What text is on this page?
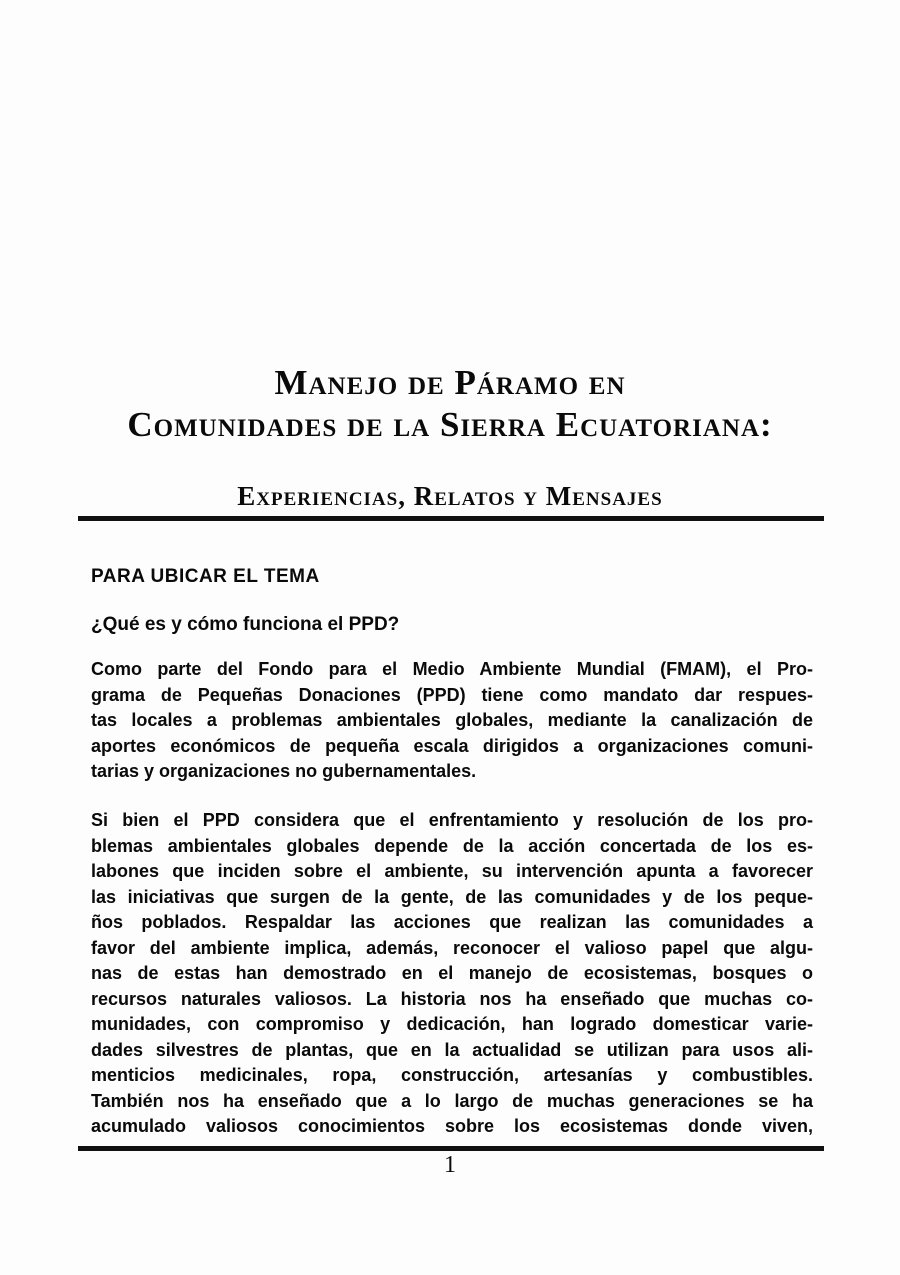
Manejo de Páramo en
Comunidades de la Sierra Ecuatoriana:
Experiencias, Relatos y Mensajes
PARA UBICAR EL TEMA
¿Qué es y cómo funciona el PPD?
Como parte del Fondo para el Medio Ambiente Mundial (FMAM), el Pro-
grama de Pequeñas Donaciones (PPD) tiene como mandato dar respues-
tas locales a problemas ambientales globales, mediante la canalización de
aportes económicos de pequeña escala dirigidos a organizaciones comuni-
tarias y organizaciones no gubernamentales.
Si bien el PPD considera que el enfrentamiento y resolución de los pro-
blemas ambientales globales depende de la acción concertada de los es-
labones que inciden sobre el ambiente, su intervención apunta a favorecer
las iniciativas que surgen de la gente, de las comunidades y de los peque-
ños poblados. Respaldar las acciones que realizan las comunidades a
favor del ambiente implica, además, reconocer el valioso papel que algu-
nas de estas han demostrado en el manejo de ecosistemas, bosques o
recursos naturales valiosos. La historia nos ha enseñado que muchas co-
munidades, con compromiso y dedicación, han logrado domesticar varie-
dades silvestres de plantas, que en la actualidad se utilizan para usos ali-
menticios medicinales, ropa, construcción, artesanías y combustibles.
También nos ha enseñado que a lo largo de muchas generaciones se ha
acumulado valiosos conocimientos sobre los ecosistemas donde viven,
1
